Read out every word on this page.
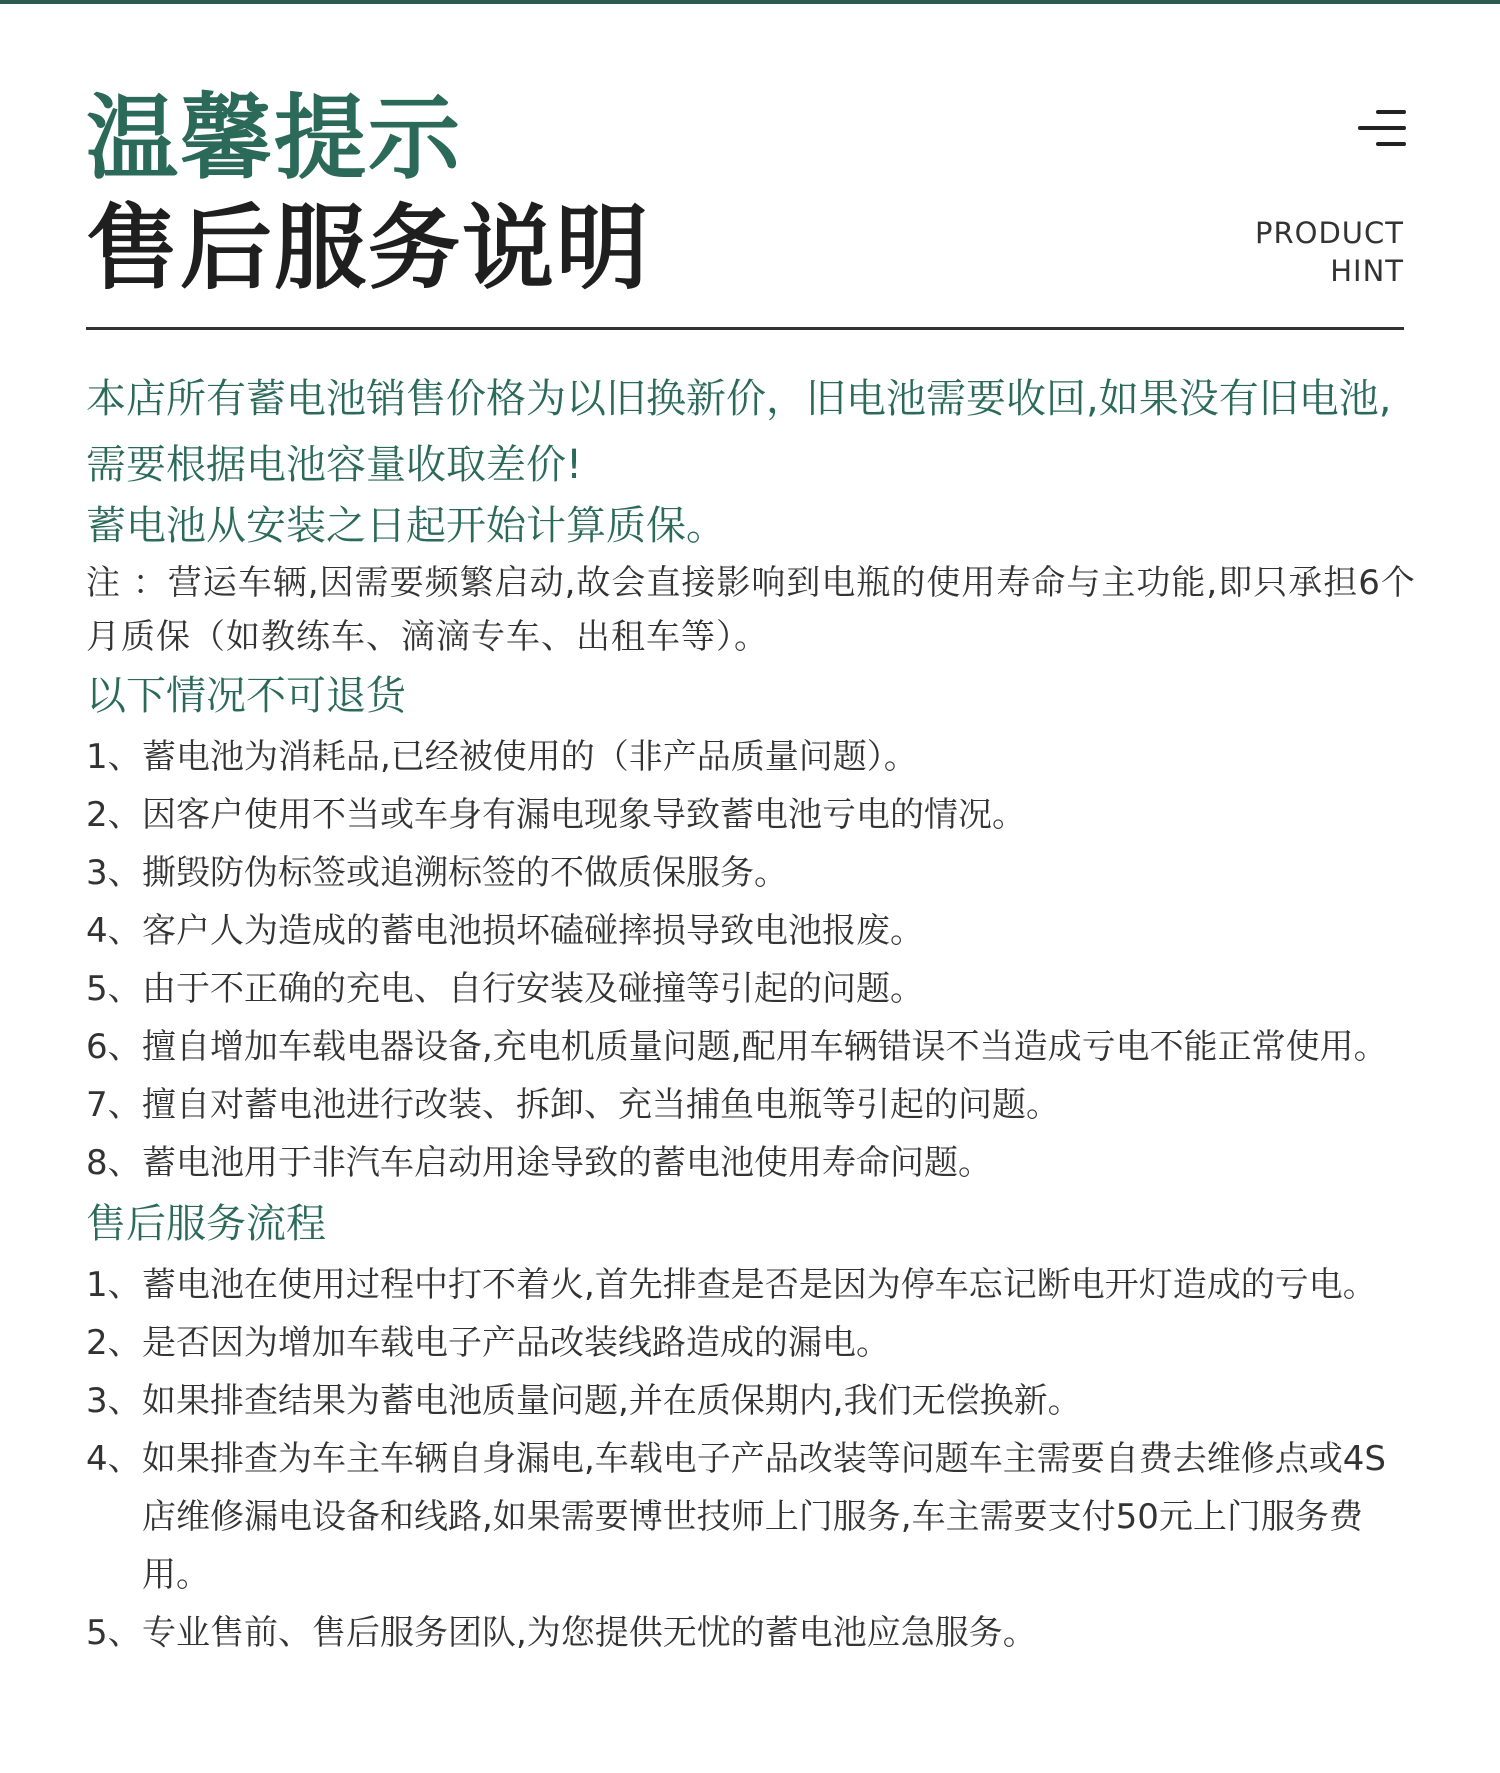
温馨提示
售后服务说明	PRODUCT
HINT

本店所有蓄电池销售价格为以旧换新价，旧电池需要收回,如果没有旧电池,需要根据电池容量收取差价!

蓄电池从安装之日起开始计算质保。

注 ：营运车辆,因需要频繁启动,故会直接影响到电瓶的使用寿命与主功能,即只承担6个月质保（如教练车、滴滴专车、出租车等）。

以下情况不可退货

1、 蓄电池为消耗品,已经被使用的（非产品质量问题）。
2、 因客户使用不当或车身有漏电现象导致蓄电池亏电的情况。
3、 撕毁防伪标签或追溯标签的不做质保服务。
4、 客户人为造成的蓄电池损坏磕碰摔损导致电池报废。
5、 由于不正确的充电、自行安装及碰撞等引起的问题。
6、 擅自增加车载电器设备,充电机质量问题,配用车辆错误不当造成亏电不能正常使用。
7、 擅自对蓄电池进行改装、拆卸、充当捕鱼电瓶等引起的问题。
8、 蓄电池用于非汽车启动用途导致的蓄电池使用寿命问题。

售后服务流程

1、 蓄电池在使用过程中打不着火,首先排查是否是因为停车忘记断电开灯造成的亏电。
2、 是否因为增加车载电子产品改装线路造成的漏电。
3、 如果排查结果为蓄电池质量问题,并在质保期内,我们无偿换新。
4、 如果排查为车主车辆自身漏电,车载电子产品改装等问题车主需要自费去维修点或4S店维修漏电设备和线路,如果需要博世技师上门服务,车主需要支付50元上门服务费用。
5、 专业售前、售后服务团队,为您提供无忧的蓄电池应急服务。
